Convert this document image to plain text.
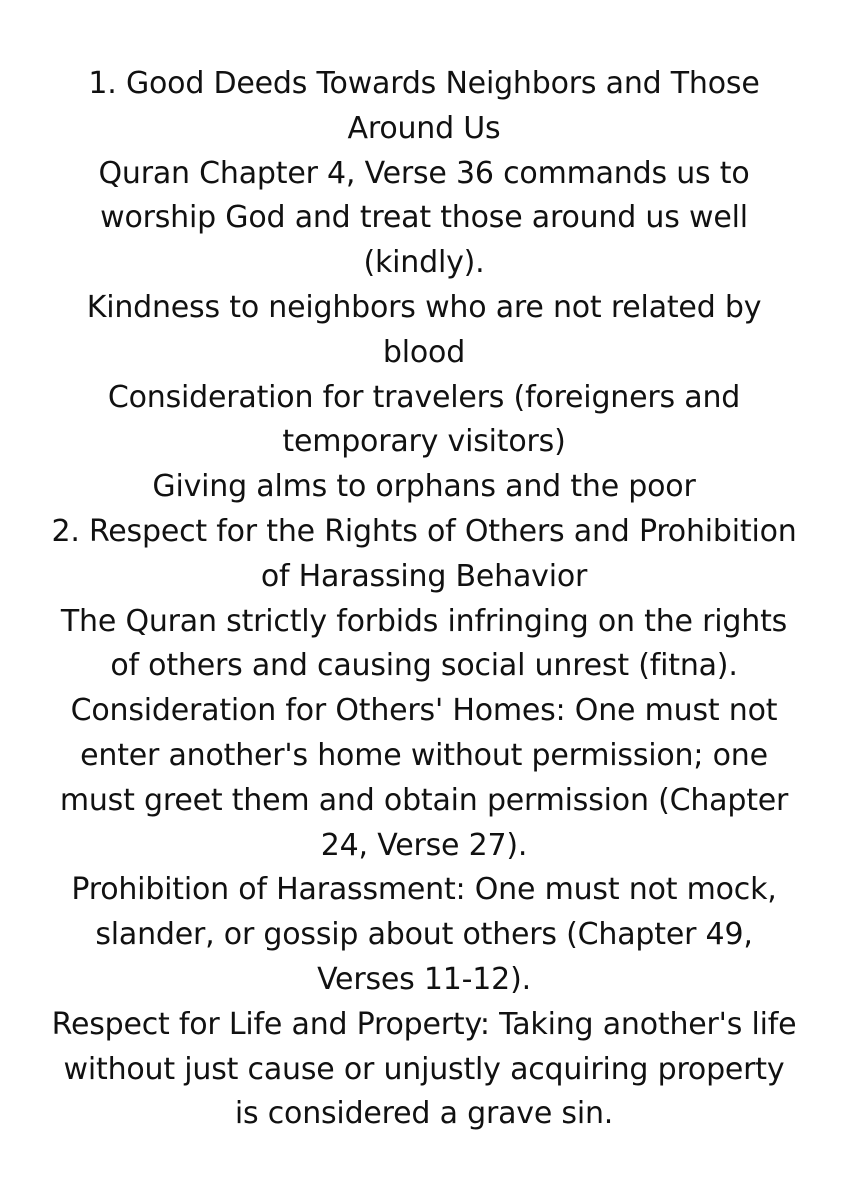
1. Good Deeds Towards Neighbors and Those
Around Us
Quran Chapter 4, Verse 36 commands us to
worship God and treat those around us well
(kindly).
Kindness to neighbors who are not related by
blood
Consideration for travelers (foreigners and
temporary visitors)
Giving alms to orphans and the poor
2. Respect for the Rights of Others and Prohibition
of Harassing Behavior
The Quran strictly forbids infringing on the rights
of others and causing social unrest (fitna).
Consideration for Others' Homes: One must not
enter another's home without permission; one
must greet them and obtain permission (Chapter
24, Verse 27).
Prohibition of Harassment: One must not mock,
slander, or gossip about others (Chapter 49,
Verses 11-12).
Respect for Life and Property: Taking another's life
without just cause or unjustly acquiring property
is considered a grave sin.
